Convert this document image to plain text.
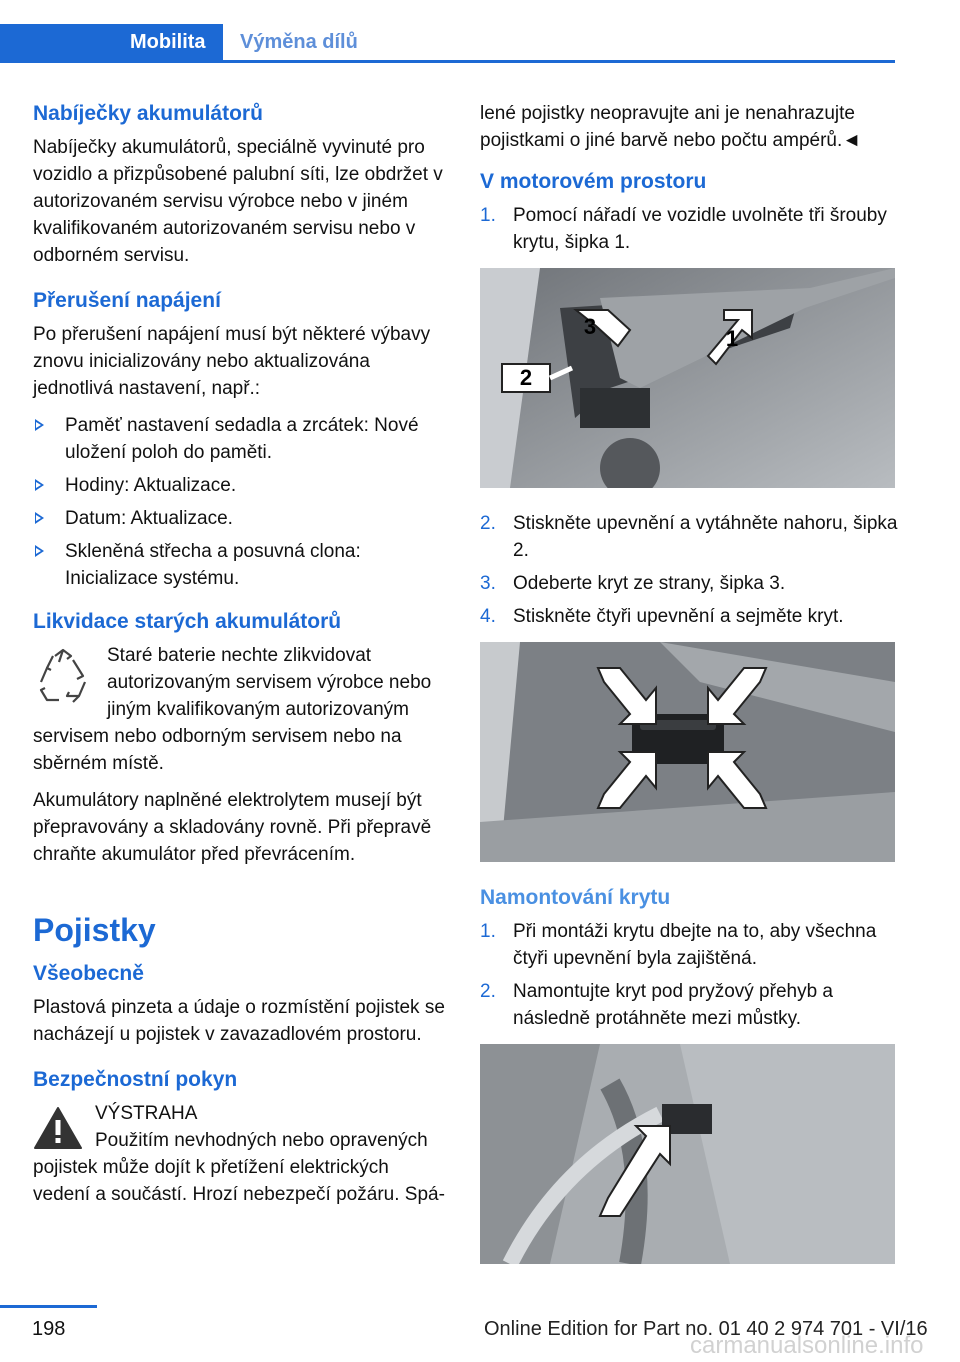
Mobilita	Výměna dílů
Nabíječky akumulátorů
Nabíječky akumulátorů, speciálně vyvinuté pro vozidlo a přizpůsobené palubní síti, lze obdržet v autorizovaném servisu výrobce nebo v jiném kvalifikovaném autorizovaném servisu nebo v odborném servisu.
Přerušení napájení
Po přerušení napájení musí být některé výbavy znovu inicializovány nebo aktualizována jednotlivá nastavení, např.:
Paměť nastavení sedadla a zrcátek: Nové uložení poloh do paměti.
Hodiny: Aktualizace.
Datum: Aktualizace.
Skleněná střecha a posuvná clona: Inicializace systému.
Likvidace starých akumulátorů
Staré baterie nechte zlikvidovat autorizovaným servisem výrobce nebo jiným kvalifikovaným autorizovaným servisem nebo odborným servisem nebo na sběrném místě.
Akumulátory naplněné elektrolytem musejí být přepravovány a skladovány rovně. Při přepravě chraňte akumulátor před převrácením.
Pojistky
Všeobecně
Plastová pinzeta a údaje o rozmístění pojistek se nacházejí u pojistek v zavazadlovém prostoru.
Bezpečnostní pokyn
VÝSTRAHA
Použitím nevhodných nebo opravených pojistek může dojít k přetížení elektrických vedení a součástí. Hrozí nebezpečí požáru. Spá-
lené pojistky neopravujte ani je nenahrazujte pojistkami o jiné barvě nebo počtu ampérů.◄
V motorovém prostoru
1. Pomocí nářadí ve vozidle uvolněte tři šrouby krytu, šipka 1.
2
3	1
2. Stiskněte upevnění a vytáhněte nahoru, šipka 2.
3. Odeberte kryt ze strany, šipka 3.
4. Stiskněte čtyři upevnění a sejměte kryt.
Namontování krytu
1. Při montáži krytu dbejte na to, aby všechna čtyři upevnění byla zajištěná.
2. Namontujte kryt pod pryžový přehyb a následně protáhněte mezi můstky.
198	Online Edition for Part no. 01 40 2 974 701 - VI/16
carmanualsonline.info
